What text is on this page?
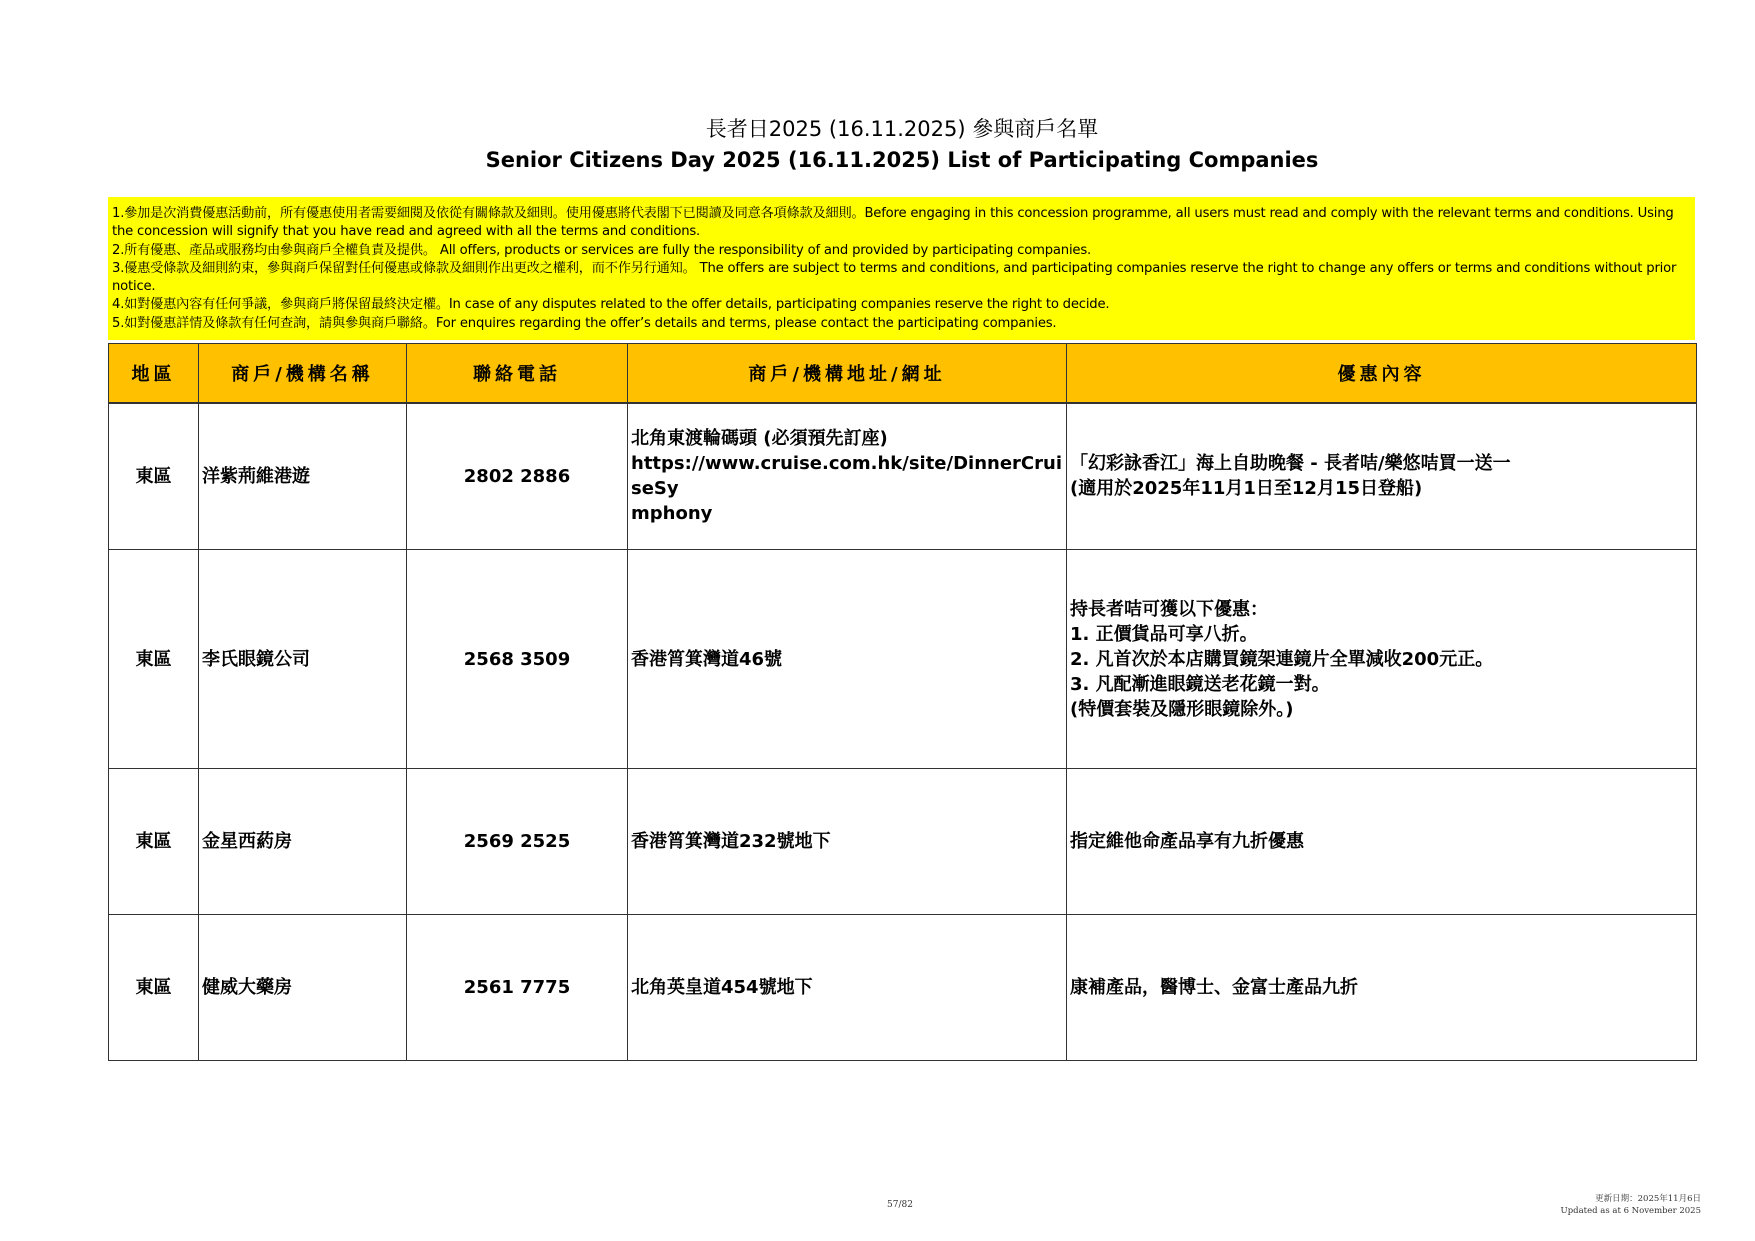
長者日2025 (16.11.2025) 參與商戶名單
Senior Citizens Day 2025 (16.11.2025) List of Participating Companies
1.參加是次消費優惠活動前，所有優惠使用者需要細閱及依從有關條款及細則。使用優惠將代表閣下已閱讀及同意各項條款及細則。Before engaging in this concession programme, all users must read and comply with the relevant terms and conditions. Using the concession will signify that you have read and agreed with all the terms and conditions.
2.所有優惠、產品或服務均由參與商戶全權負責及提供。 All offers, products or services are fully the responsibility of and provided by participating companies.
3.優惠受條款及細則約束，參與商戶保留對任何優惠或條款及細則作出更改之權利，而不作另行通知。 The offers are subject to terms and conditions, and participating companies reserve the right to change any offers or terms and conditions without prior notice.
4.如對優惠內容有任何爭議，參與商戶將保留最終決定權。In case of any disputes related to the offer details, participating companies reserve the right to decide.
5.如對優惠詳情及條款有任何查詢，請與參與商戶聯絡。For enquires regarding the offer’s details and terms, please contact the participating companies.
地區	商戶/機構名稱	聯絡電話	商戶/機構地址/網址	優惠內容
東區	洋紫荊維港遊	2802 2886	北角東渡輪碼頭 (必須預先訂座)
https://www.cruise.com.hk/site/DinnerCruiseSy
mphony	「幻彩詠香江」海上自助晚餐 - 長者咭/樂悠咭買一送一
(適用於2025年11月1日至12月15日登船)

東區	李氏眼鏡公司	2568 3509	香港筲箕灣道46號	持長者咭可獲以下優惠：
1. 正價貨品可享八折。
2. 凡首次於本店購買鏡架連鏡片全單減收200元正。
3. 凡配漸進眼鏡送老花鏡一對。
(特價套裝及隱形眼鏡除外。)

東區	金星西葯房	2569 2525	香港筲箕灣道232號地下	指定維他命產品享有九折優惠

東區	健威大藥房	2561 7775	北角英皇道454號地下	康補產品，醫博士、金富士產品九折
57/82
更新日期：2025年11月6日
Updated as at 6 November 2025
